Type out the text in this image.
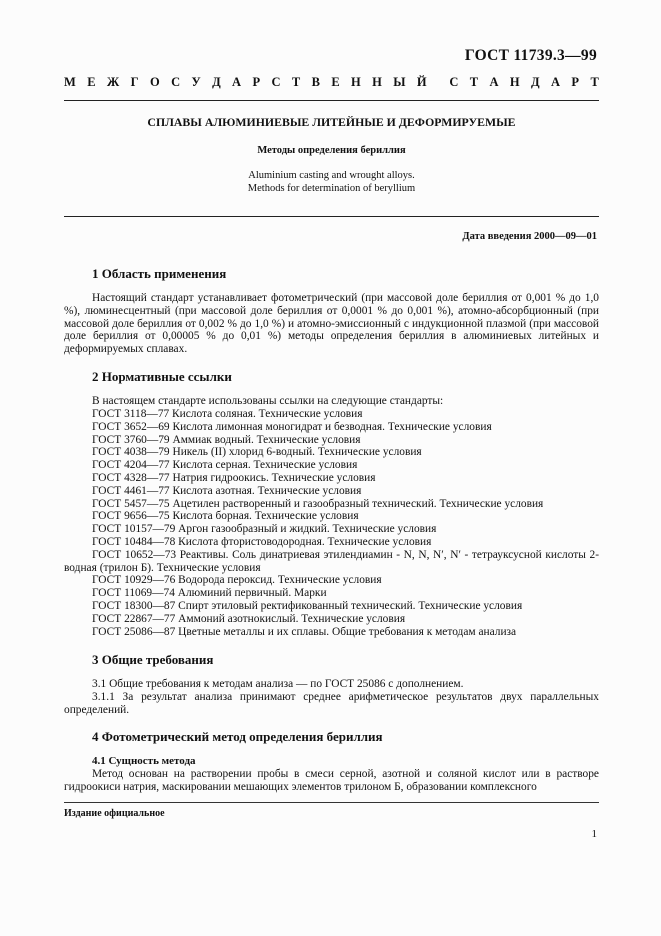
ГОСТ 11739.3—99
М Е Ж Г О С У Д А Р С Т В Е Н Н Ы Й С Т А Н Д А Р Т
СПЛАВЫ АЛЮМИНИЕВЫЕ ЛИТЕЙНЫЕ И ДЕФОРМИРУЕМЫЕ
Методы определения бериллия
Aluminium casting and wrought alloys.
Methods for determination of beryllium
Дата введения 2000—09—01
1 Область применения
Настоящий стандарт устанавливает фотометрический (при массовой доле бериллия от 0,001 % до 1,0 %), люминесцентный (при массовой доле бериллия от 0,0001 % до 0,001 %), атомно-абсорбционный (при массовой доле бериллия от 0,002 % до 1,0 %) и атомно-эмиссионный с индукционной плазмой (при массовой доле бериллия от 0,00005 % до 0,01 %) методы определения бериллия в алюминиевых литейных и деформируемых сплавах.
2 Нормативные ссылки
В настоящем стандарте использованы ссылки на следующие стандарты:
ГОСТ 3118—77 Кислота соляная. Технические условия
ГОСТ 3652—69 Кислота лимонная моногидрат и безводная. Технические условия
ГОСТ 3760—79 Аммиак водный. Технические условия
ГОСТ 4038—79 Никель (II) хлорид 6-водный. Технические условия
ГОСТ 4204—77 Кислота серная. Технические условия
ГОСТ 4328—77 Натрия гидроокись. Технические условия
ГОСТ 4461—77 Кислота азотная. Технические условия
ГОСТ 5457—75 Ацетилен растворенный и газообразный технический. Технические условия
ГОСТ 9656—75 Кислота борная. Технические условия
ГОСТ 10157—79 Аргон газообразный и жидкий. Технические условия
ГОСТ 10484—78 Кислота фтористоводородная. Технические условия
ГОСТ 10652—73 Реактивы. Соль динатриевая этилендиамин - N, N, N′, N′ - тетрауксусной кислоты 2-водная (трилон Б). Технические условия
ГОСТ 10929—76 Водорода пероксид. Технические условия
ГОСТ 11069—74 Алюминий первичный. Марки
ГОСТ 18300—87 Спирт этиловый ректификованный технический. Технические условия
ГОСТ 22867—77 Аммоний азотнокислый. Технические условия
ГОСТ 25086—87 Цветные металлы и их сплавы. Общие требования к методам анализа
3 Общие требования
3.1 Общие требования к методам анализа — по ГОСТ 25086 с дополнением.
3.1.1 За результат анализа принимают среднее арифметическое результатов двух параллельных определений.
4 Фотометрический метод определения бериллия
4.1 Сущность метода
Метод основан на растворении пробы в смеси серной, азотной и соляной кислот или в растворе гидроокиси натрия, маскировании мешающих элементов трилоном Б, образовании комплексного
Издание официальное
1
